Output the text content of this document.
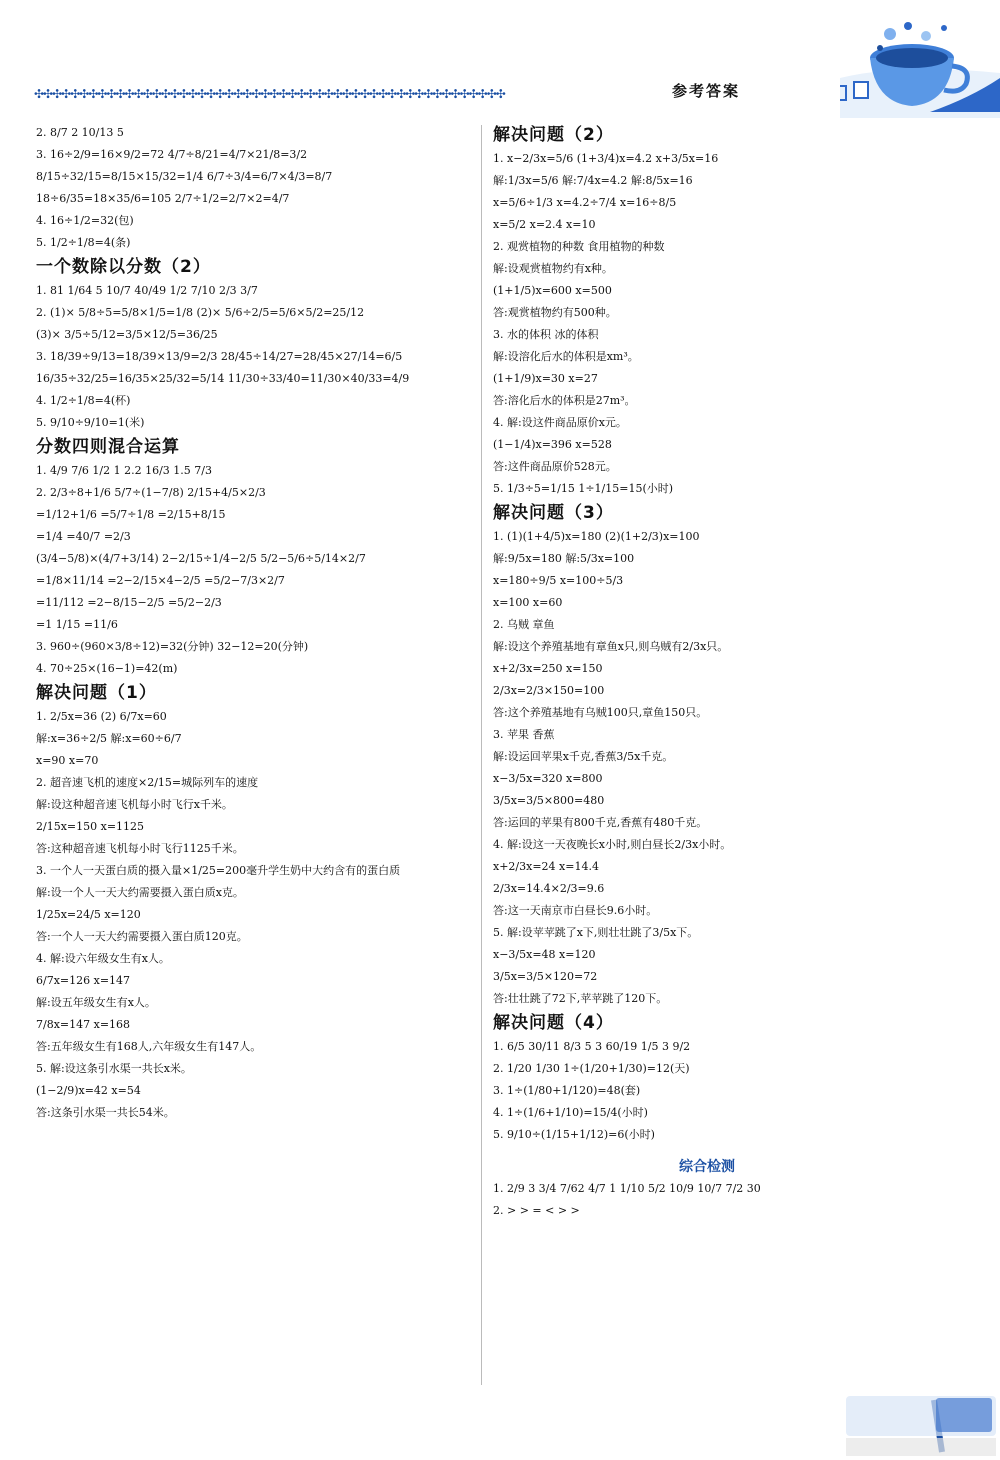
✣✣✣✣✣✣✣✣✣✣✣✣✣✣✣✣✣✣✣✣✣✣✣✣✣✣✣✣✣✣✣✣✣✣✣✣✣✣✣✣✣✣✣✣✣✣✣✣✣✣✣✣	参考答案
2. 8/7 2 10/13 5
3. 16÷2/9=16×9/2=72 4/7÷8/21=4/7×21/8=3/2
8/15÷32/15=8/15×15/32=1/4 6/7÷3/4=6/7×4/3=8/7
18÷6/35=18×35/6=105 2/7÷1/2=2/7×2=4/7
4. 16÷1/2=32(包)
5. 1/2÷1/8=4(条)
一个数除以分数（2）
1. 81 1/64 5 10/7 40/49 1/2 7/10 2/3 3/7
2. (1)× 5/8÷5=5/8×1/5=1/8 (2)× 5/6÷2/5=5/6×5/2=25/12
(3)× 3/5÷5/12=3/5×12/5=36/25
3. 18/39÷9/13=18/39×13/9=2/3 28/45÷14/27=28/45×27/14=6/5
16/35÷32/25=16/35×25/32=5/14 11/30÷33/40=11/30×40/33=4/9
4. 1/2÷1/8=4(杯)
5. 9/10÷9/10=1(米)
分数四则混合运算
1. 4/9 7/6 1/2 1 2.2 16/3 1.5 7/3
2. 2/3÷8+1/6 5/7÷(1−7/8) 2/15+4/5×2/3
=1/12+1/6 =5/7÷1/8 =2/15+8/15
=1/4 =40/7 =2/3
(3/4−5/8)×(4/7+3/14) 2−2/15÷1/4−2/5 5/2−5/6÷5/14×2/7
=1/8×11/14 =2−2/15×4−2/5 =5/2−7/3×2/7
=11/112 =2−8/15−2/5 =5/2−2/3
=1 1/15 =11/6
3. 960÷(960×3/8÷12)=32(分钟) 32−12=20(分钟)
4. 70÷25×(16−1)=42(m)
解决问题（1）
1. 2/5x=36 (2) 6/7x=60
解:x=36÷2/5 解:x=60÷6/7
x=90 x=70
2. 超音速飞机的速度×2/15=城际列车的速度
解:设这种超音速飞机每小时飞行x千米。
2/15x=150 x=1125
答:这种超音速飞机每小时飞行1125千米。
3. 一个人一天蛋白质的摄入量×1/25=200毫升学生奶中大约含有的蛋白质
解:设一个人一天大约需要摄入蛋白质x克。
1/25x=24/5 x=120
答:一个人一天大约需要摄入蛋白质120克。
4. 解:设六年级女生有x人。
6/7x=126 x=147
解:设五年级女生有x人。
7/8x=147 x=168
答:五年级女生有168人,六年级女生有147人。
5. 解:设这条引水渠一共长x米。
(1−2/9)x=42 x=54
答:这条引水渠一共长54米。
解决问题（2）
1. x−2/3x=5/6 (1+3/4)x=4.2 x+3/5x=16
解:1/3x=5/6 解:7/4x=4.2 解:8/5x=16
x=5/6÷1/3 x=4.2÷7/4 x=16÷8/5
x=5/2 x=2.4 x=10
2. 观赏植物的种数 食用植物的种数
解:设观赏植物约有x种。
(1+1/5)x=600 x=500
答:观赏植物约有500种。
3. 水的体积 冰的体积
解:设溶化后水的体积是xm³。
(1+1/9)x=30 x=27
答:溶化后水的体积是27m³。
4. 解:设这件商品原价x元。
(1−1/4)x=396 x=528
答:这件商品原价528元。
5. 1/3÷5=1/15 1÷1/15=15(小时)
解决问题（3）
1. (1)(1+4/5)x=180 (2)(1+2/3)x=100
解:9/5x=180 解:5/3x=100
x=180÷9/5 x=100÷5/3
x=100 x=60
2. 乌贼 章鱼
解:设这个养殖基地有章鱼x只,则乌贼有2/3x只。
x+2/3x=250 x=150
2/3x=2/3×150=100
答:这个养殖基地有乌贼100只,章鱼150只。
3. 苹果 香蕉
解:设运回苹果x千克,香蕉3/5x千克。
x−3/5x=320 x=800
3/5x=3/5×800=480
答:运回的苹果有800千克,香蕉有480千克。
4. 解:设这一天夜晚长x小时,则白昼长2/3x小时。
x+2/3x=24 x=14.4
2/3x=14.4×2/3=9.6
答:这一天南京市白昼长9.6小时。
5. 解:设苹苹跳了x下,则壮壮跳了3/5x下。
x−3/5x=48 x=120
3/5x=3/5×120=72
答:壮壮跳了72下,苹苹跳了120下。
解决问题（4）
1. 6/5 30/11 8/3 5 3 60/19 1/5 3 9/2
2. 1/20 1/30 1÷(1/20+1/30)=12(天)
3. 1÷(1/80+1/120)=48(套)
4. 1÷(1/6+1/10)=15/4(小时)
5. 9/10÷(1/15+1/12)=6(小时)
综合检测
1. 2/9 3 3/4 7/62 4/7 1 1/10 5/2 10/9 10/7 7/2 30
2. > > = < > >
